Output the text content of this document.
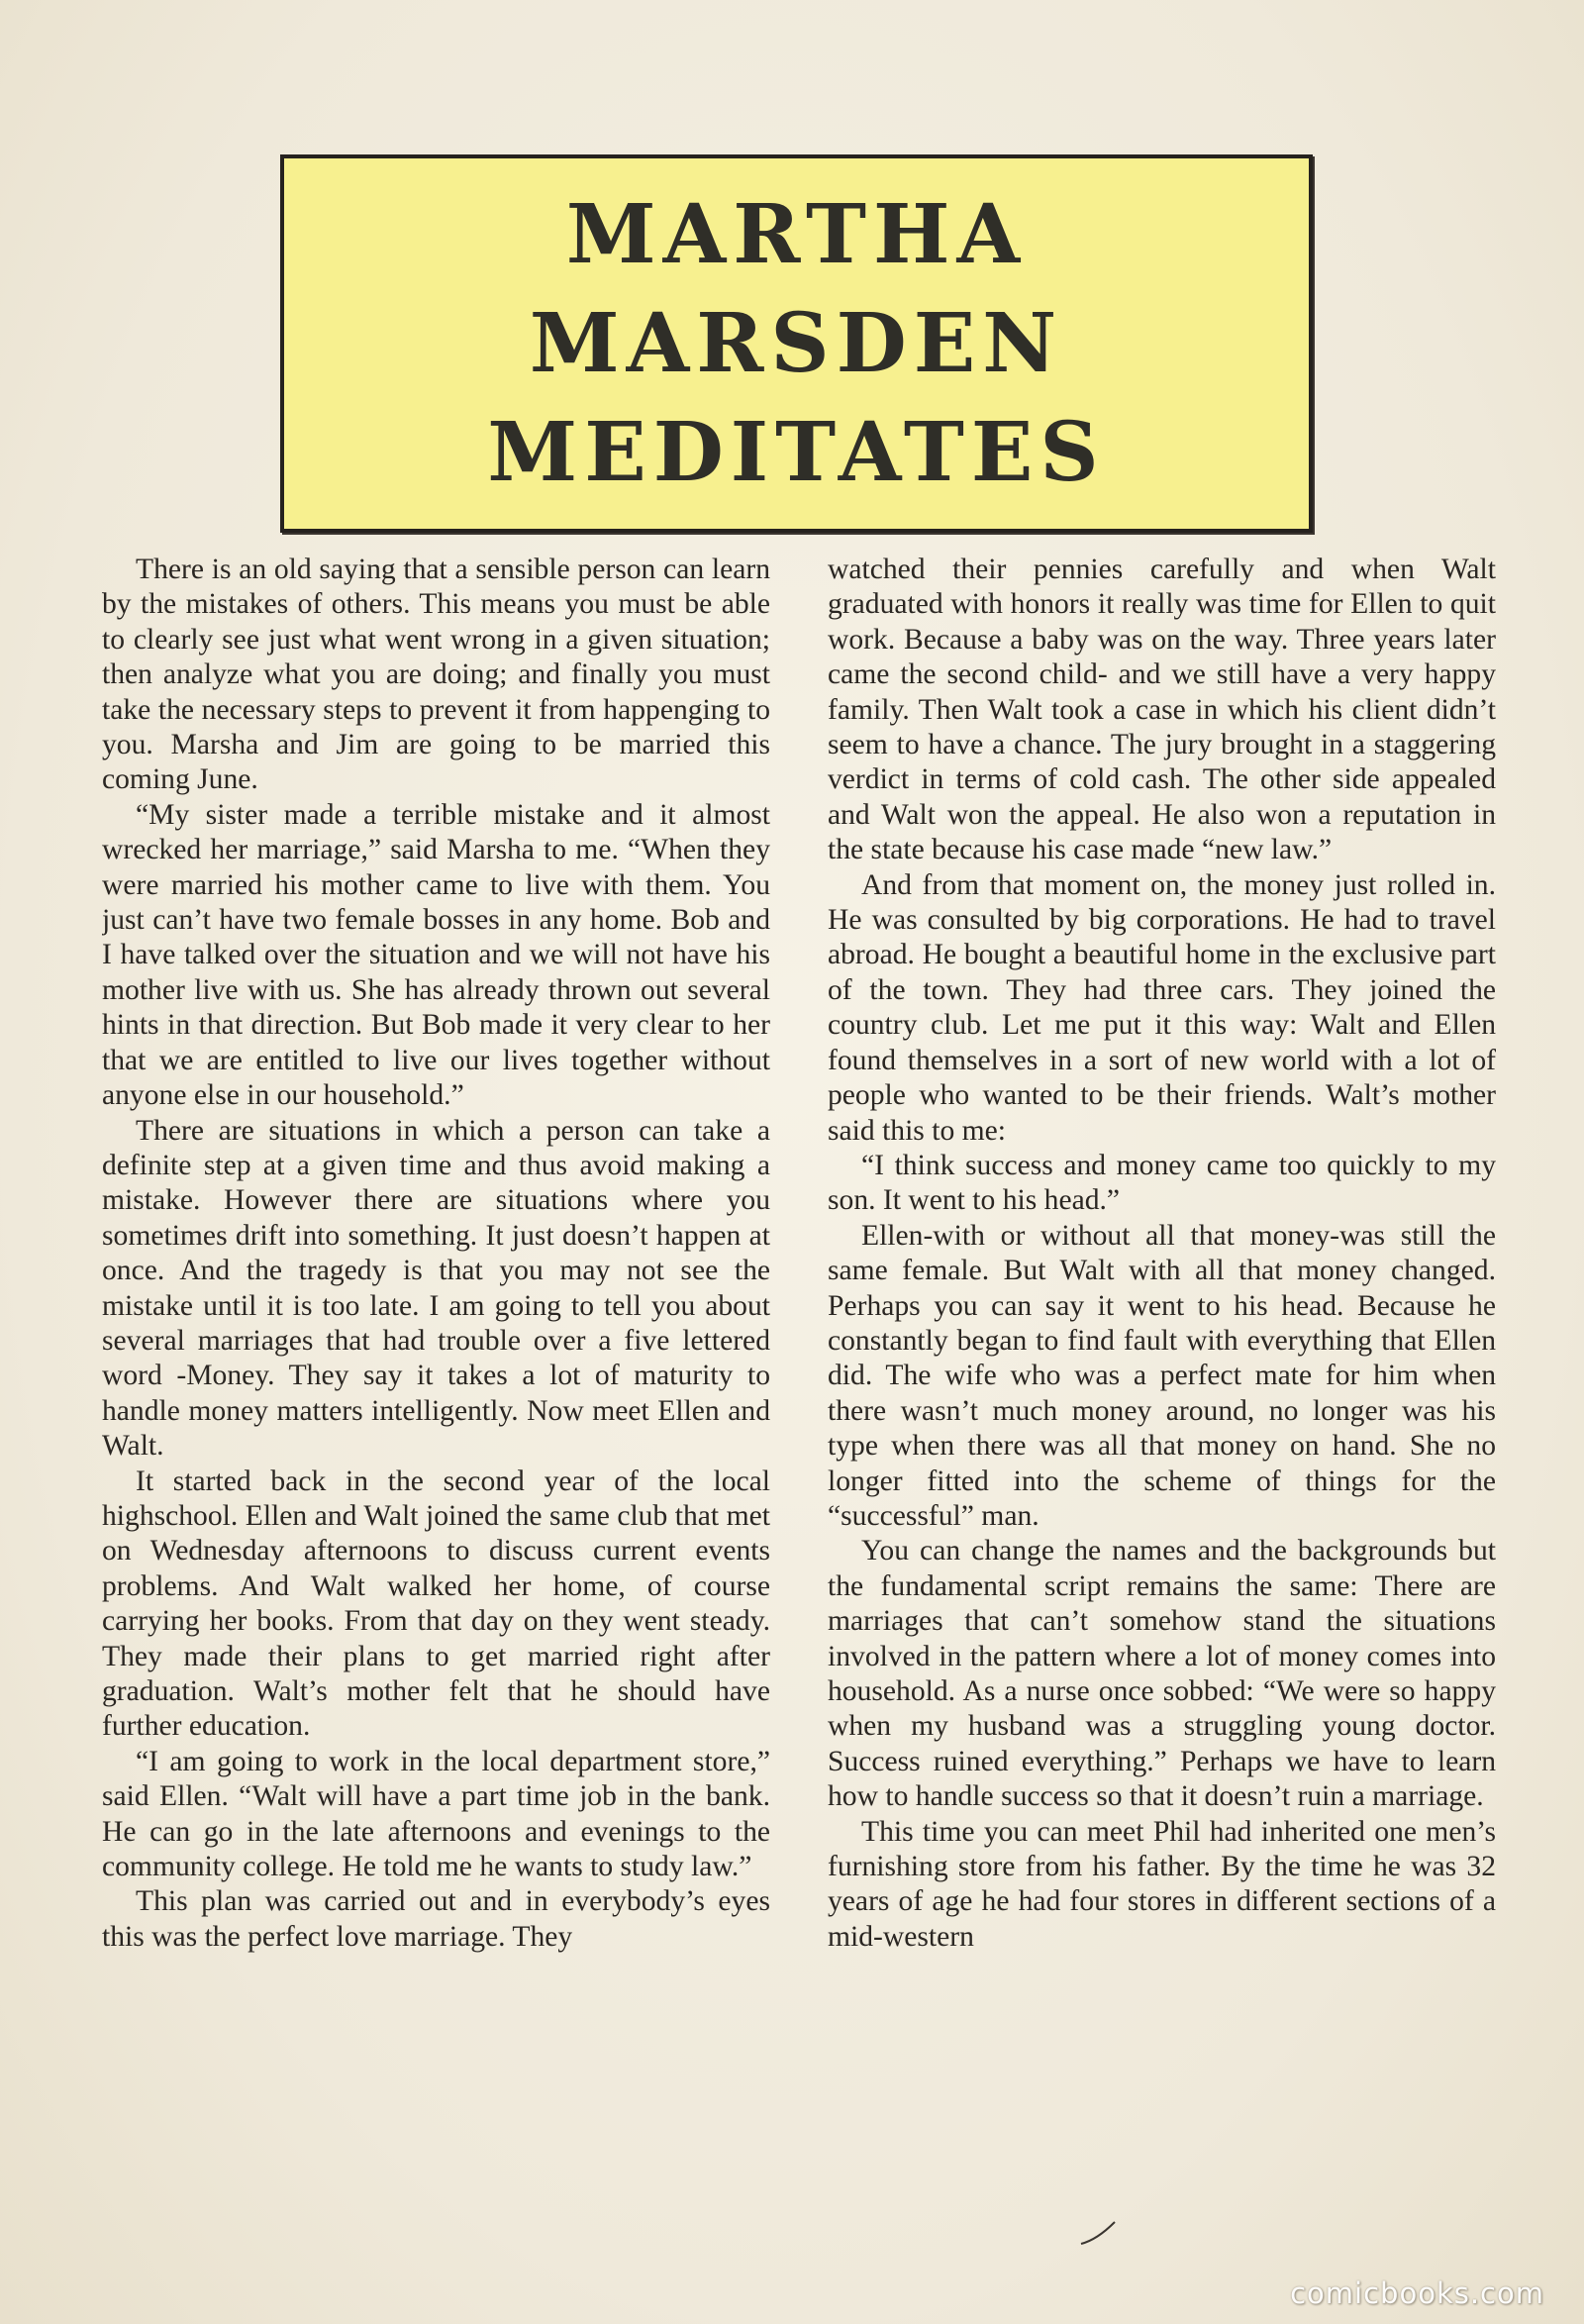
MARTHA
MARSDEN
MEDITATES

There is an old saying that a sensible person can learn by the mistakes of others. This means you must be able to clearly see just what went wrong in a given situation; then analyze what you are doing; and finally you must take the necessary steps to prevent it from happenging to you. Marsha and Jim are going to be married this coming June.

“My sister made a terrible mistake and it almost wrecked her marriage,” said Marsha to me. “When they were married his mother came to live with them. You just can’t have two female bosses in any home. Bob and I have talked over the situation and we will not have his mother live with us. She has already thrown out several hints in that direction. But Bob made it very clear to her that we are entitled to live our lives together without anyone else in our household.”

There are situations in which a person can take a definite step at a given time and thus avoid making a mistake. However there are situations where you sometimes drift into something. It just doesn’t happen at once. And the tragedy is that you may not see the mistake until it is too late. I am going to tell you about several marriages that had trouble over a five lettered word -Money. They say it takes a lot of maturity to handle money matters intelligently. Now meet Ellen and Walt.

It started back in the second year of the local highschool. Ellen and Walt joined the same club that met on Wednesday afternoons to discuss current events problems. And Walt walked her home, of course carrying her books. From that day on they went steady. They made their plans to get married right after graduation. Walt’s mother felt that he should have further education.

“I am going to work in the local department store,” said Ellen. “Walt will have a part time job in the bank. He can go in the late afternoons and evenings to the community college. He told me he wants to study law.”

This plan was carried out and in everybody’s eyes this was the perfect love marriage. They

watched their pennies carefully and when Walt graduated with honors it really was time for Ellen to quit work. Because a baby was on the way. Three years later came the second child- and we still have a very happy family. Then Walt took a case in which his client didn’t seem to have a chance. The jury brought in a staggering verdict in terms of cold cash. The other side appealed and Walt won the appeal. He also won a reputation in the state because his case made “new law.”

And from that moment on, the money just rolled in. He was consulted by big corporations. He had to travel abroad. He bought a beautiful home in the exclusive part of the town. They had three cars. They joined the country club. Let me put it this way: Walt and Ellen found themselves in a sort of new world with a lot of people who wanted to be their friends. Walt’s mother said this to me:

“I think success and money came too quickly to my son. It went to his head.”

Ellen-with or without all that money-was still the same female. But Walt with all that money changed. Perhaps you can say it went to his head. Because he constantly began to find fault with everything that Ellen did. The wife who was a perfect mate for him when there wasn’t much money around, no longer was his type when there was all that money on hand. She no longer fitted into the scheme of things for the “successful” man.

You can change the names and the backgrounds but the fundamental script remains the same: There are marriages that can’t somehow stand the situations involved in the pattern where a lot of money comes into household. As a nurse once sobbed: “We were so happy when my husband was a struggling young doctor. Success ruined everything.” Perhaps we have to learn how to handle success so that it doesn’t ruin a marriage.

This time you can meet Phil had inherited one men’s furnishing store from his father. By the time he was 32 years of age he had four stores in different sections of a mid-western

comicbooks.com
